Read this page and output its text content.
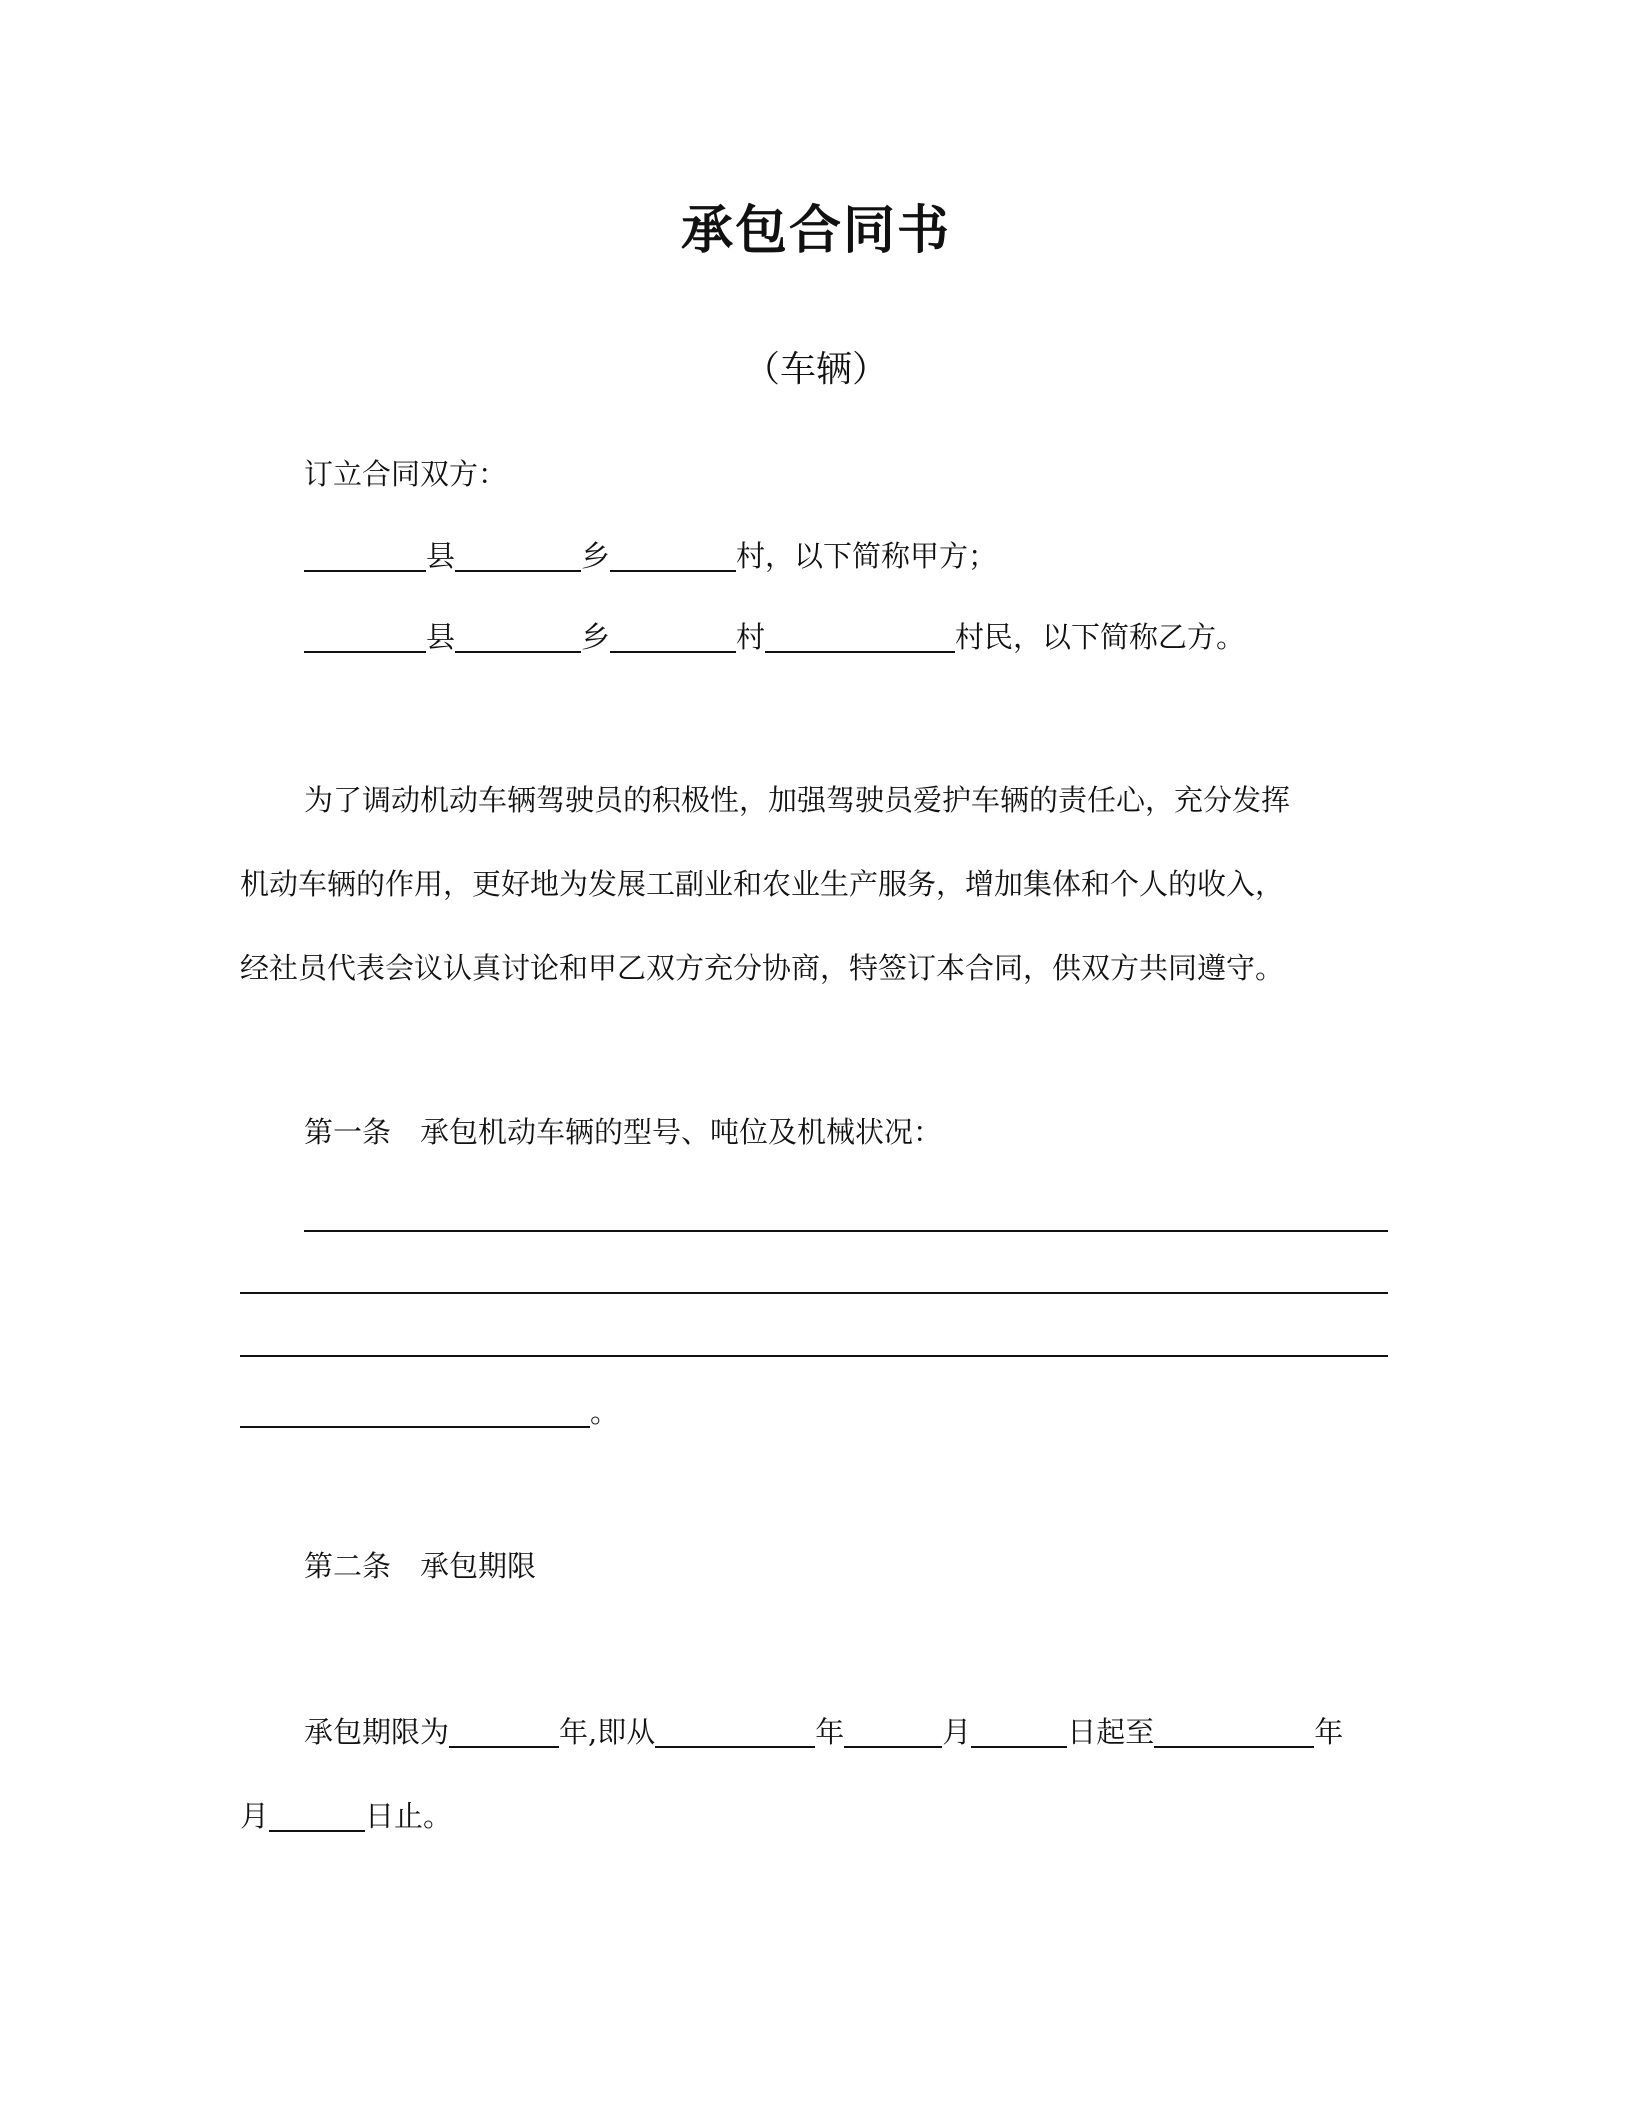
承包合同书
（车辆）
订立合同双方：
县	乡	村，以下简称甲方；
县	乡	村	村民，以下简称乙方。
为了调动机动车辆驾驶员的积极性，加强驾驶员爱护车辆的责任心，充分发挥
机动车辆的作用，更好地为发展工副业和农业生产服务，增加集体和个人的收入，
经社员代表会议认真讨论和甲乙双方充分协商，特签订本合同，供双方共同遵守。
第一条　承包机动车辆的型号、吨位及机械状况：
。
第二条　承包期限
承包期限为	年,即从	年	月	日起至	年
月	日止。
